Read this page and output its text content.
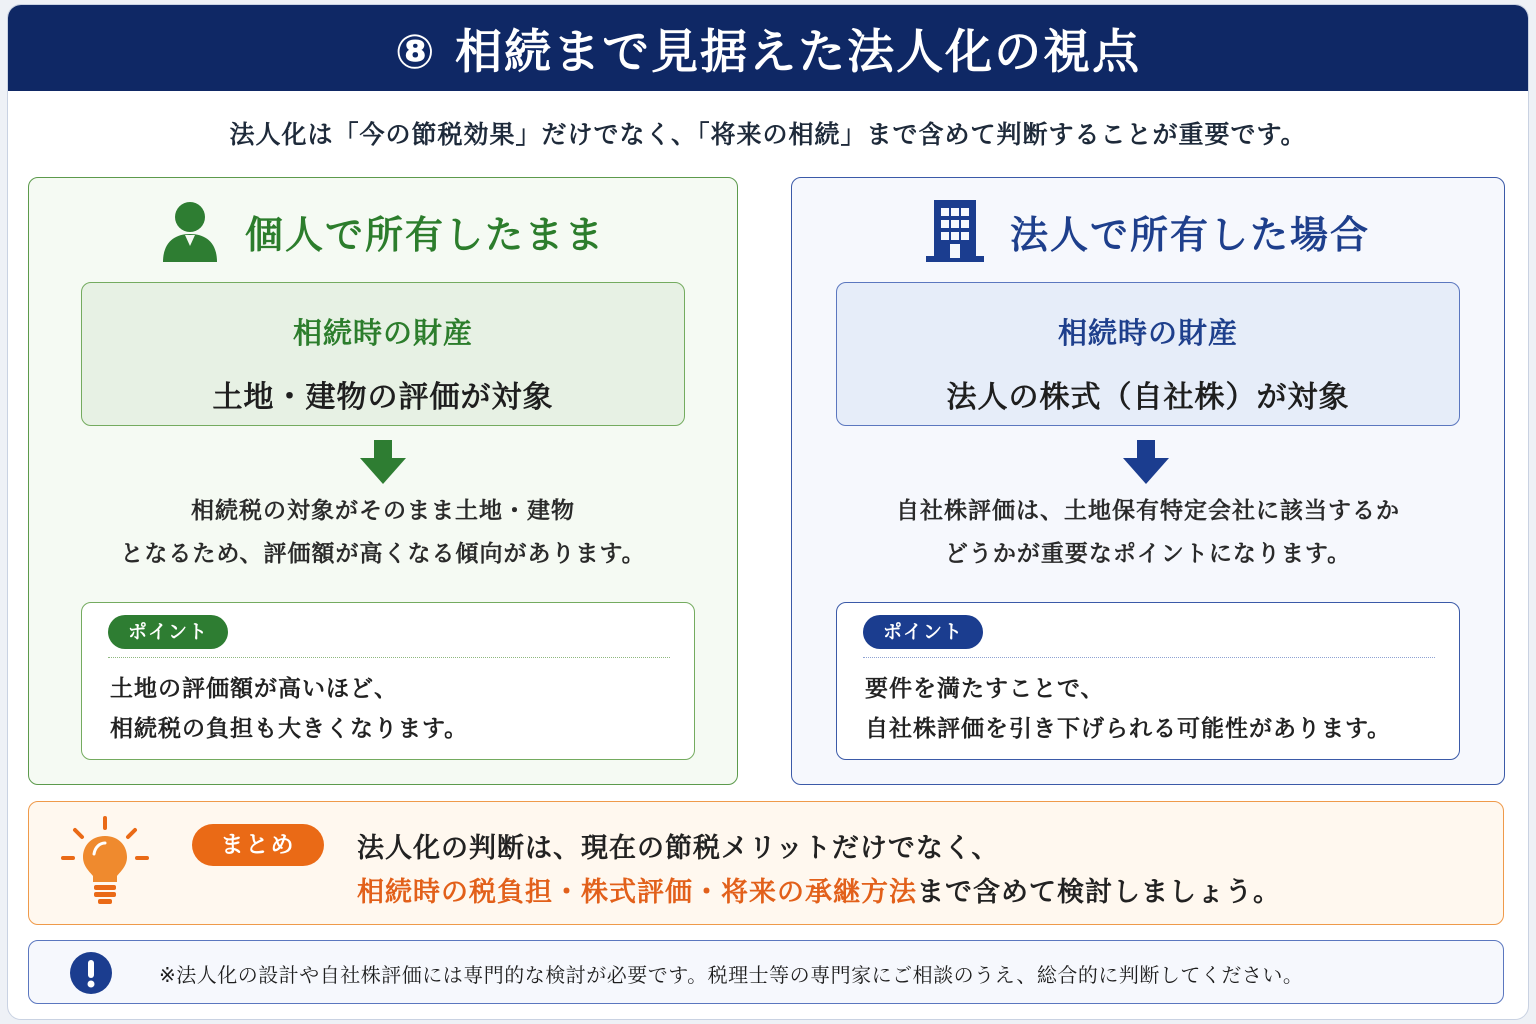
⑧ 相続まで見据えた法人化の視点
法人化は「今の節税効果」だけでなく、「将来の相続」まで含めて判断することが重要です。
個人で所有したまま
相続時の財産
土地・建物の評価が対象
相続税の対象がそのまま土地・建物
となるため、評価額が高くなる傾向があります。
ポイント
土地の評価額が高いほど、
相続税の負担も大きくなります。
法人で所有した場合
相続時の財産
法人の株式（自社株）が対象
自社株評価は、土地保有特定会社に該当するか
どうかが重要なポイントになります。
ポイント
要件を満たすことで、
自社株評価を引き下げられる可能性があります。
まとめ	法人化の判断は、現在の節税メリットだけでなく、
相続時の税負担・株式評価・将来の承継方法まで含めて検討しましょう。
※法人化の設計や自社株評価には専門的な検討が必要です。税理士等の専門家にご相談のうえ、総合的に判断してください。
